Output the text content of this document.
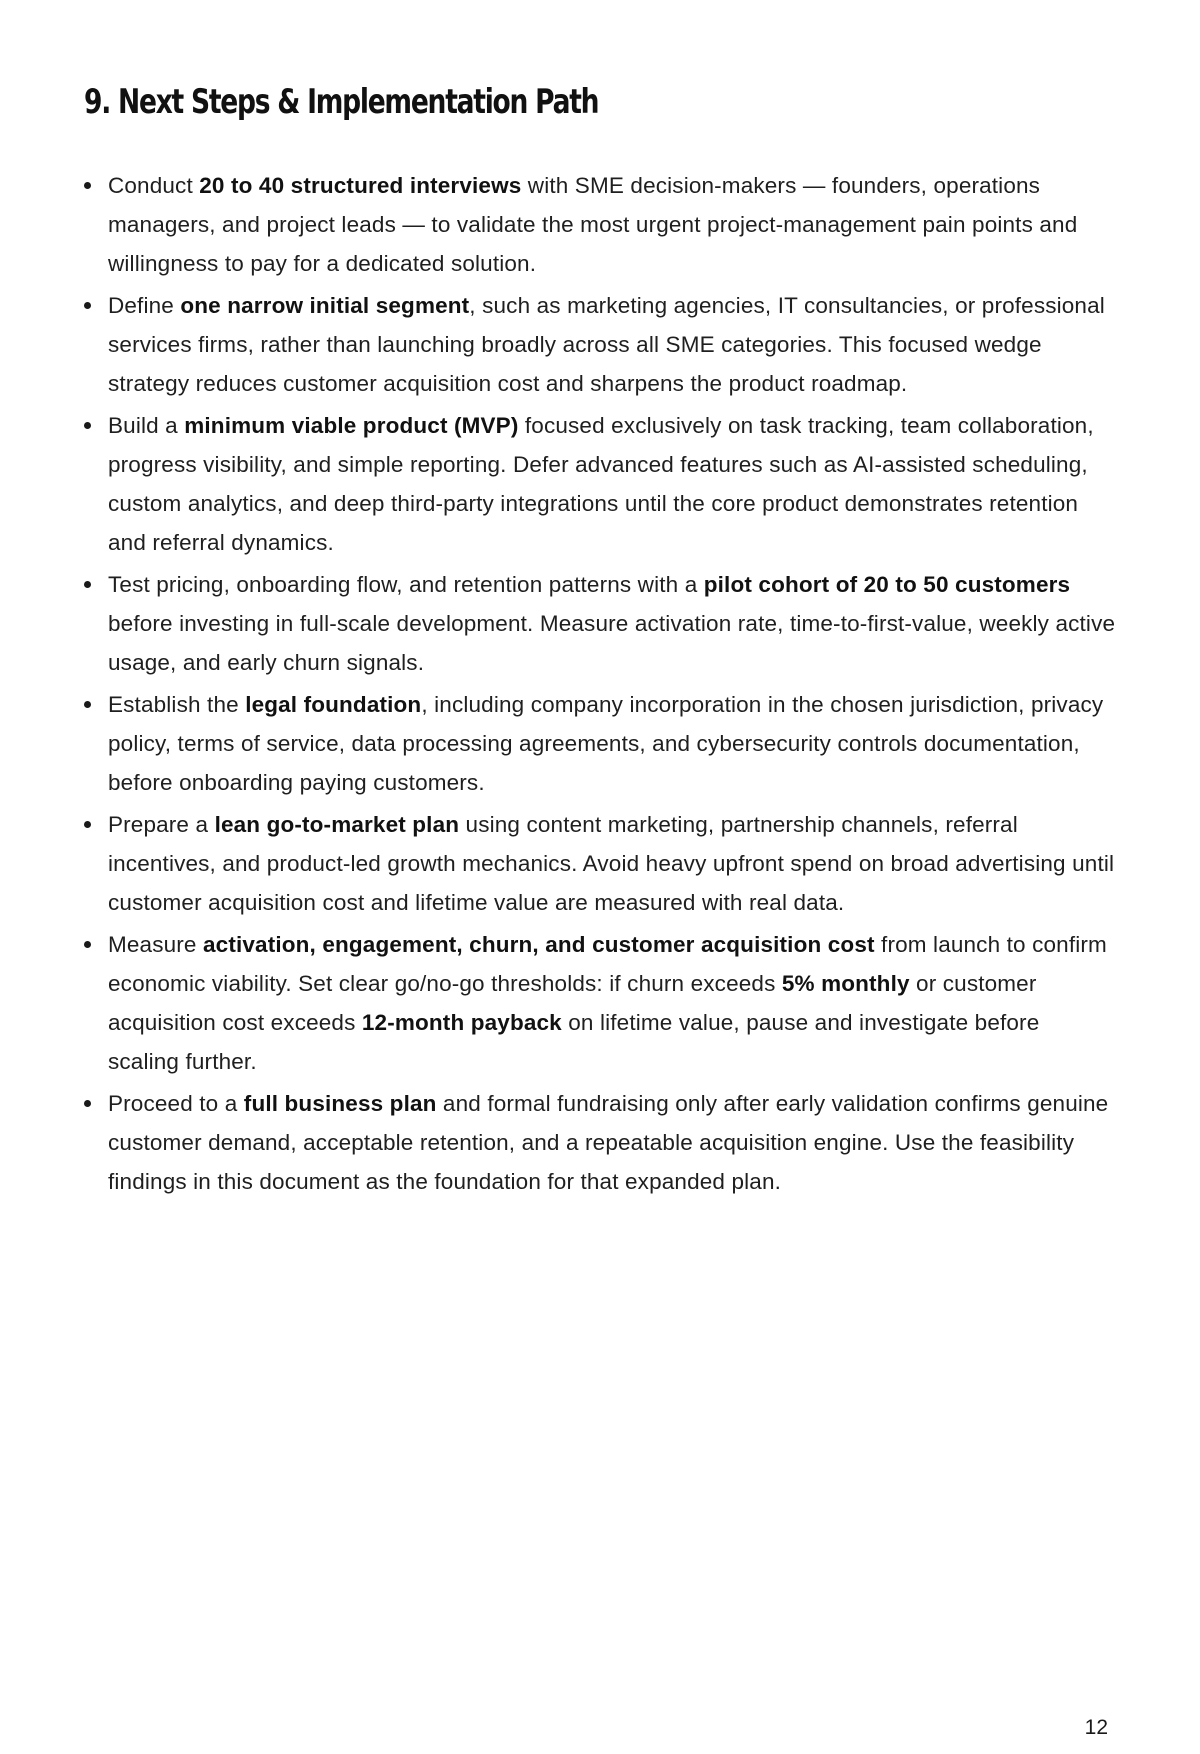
9. Next Steps & Implementation Path
Conduct 20 to 40 structured interviews with SME decision-makers — founders, operations managers, and project leads — to validate the most urgent project-management pain points and willingness to pay for a dedicated solution.
Define one narrow initial segment, such as marketing agencies, IT consultancies, or professional services firms, rather than launching broadly across all SME categories. This focused wedge strategy reduces customer acquisition cost and sharpens the product roadmap.
Build a minimum viable product (MVP) focused exclusively on task tracking, team collaboration, progress visibility, and simple reporting. Defer advanced features such as AI-assisted scheduling, custom analytics, and deep third-party integrations until the core product demonstrates retention and referral dynamics.
Test pricing, onboarding flow, and retention patterns with a pilot cohort of 20 to 50 customers before investing in full-scale development. Measure activation rate, time-to-first-value, weekly active usage, and early churn signals.
Establish the legal foundation, including company incorporation in the chosen jurisdiction, privacy policy, terms of service, data processing agreements, and cybersecurity controls documentation, before onboarding paying customers.
Prepare a lean go-to-market plan using content marketing, partnership channels, referral incentives, and product-led growth mechanics. Avoid heavy upfront spend on broad advertising until customer acquisition cost and lifetime value are measured with real data.
Measure activation, engagement, churn, and customer acquisition cost from launch to confirm economic viability. Set clear go/no-go thresholds: if churn exceeds 5% monthly or customer acquisition cost exceeds 12-month payback on lifetime value, pause and investigate before scaling further.
Proceed to a full business plan and formal fundraising only after early validation confirms genuine customer demand, acceptable retention, and a repeatable acquisition engine. Use the feasibility findings in this document as the foundation for that expanded plan.
12
